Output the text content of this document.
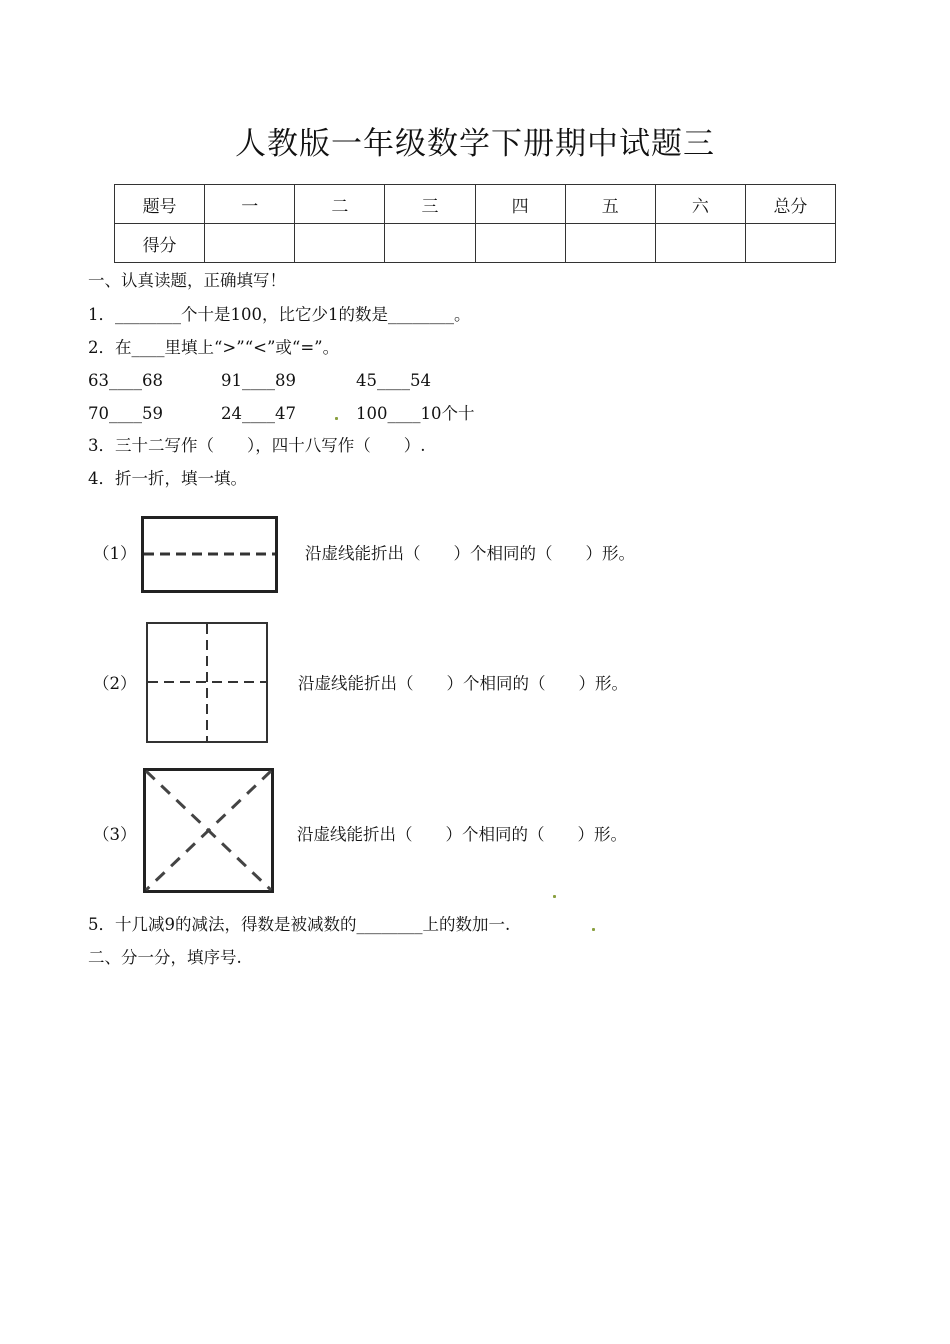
人教版一年级数学下册期中试题三
题号	一	二	三	四	五	六	总分
得分							
一、认真读题，正确填写！
1．________个十是100，比它少1的数是________。
2．在____里填上“>”“<”或“=”。
63____68	91____89	45____54
70____59	24____47	100____10个十
3．三十二写作（　　），四十八写作（　　）.
4．折一折，填一填。
（1）	沿虚线能折出（　　）个相同的（　　）形。
（2）	沿虚线能折出（　　）个相同的（　　）形。
（3）	沿虚线能折出（　　）个相同的（　　）形。
5．十几减9的减法，得数是被减数的________上的数加一.
二、分一分，填序号.
